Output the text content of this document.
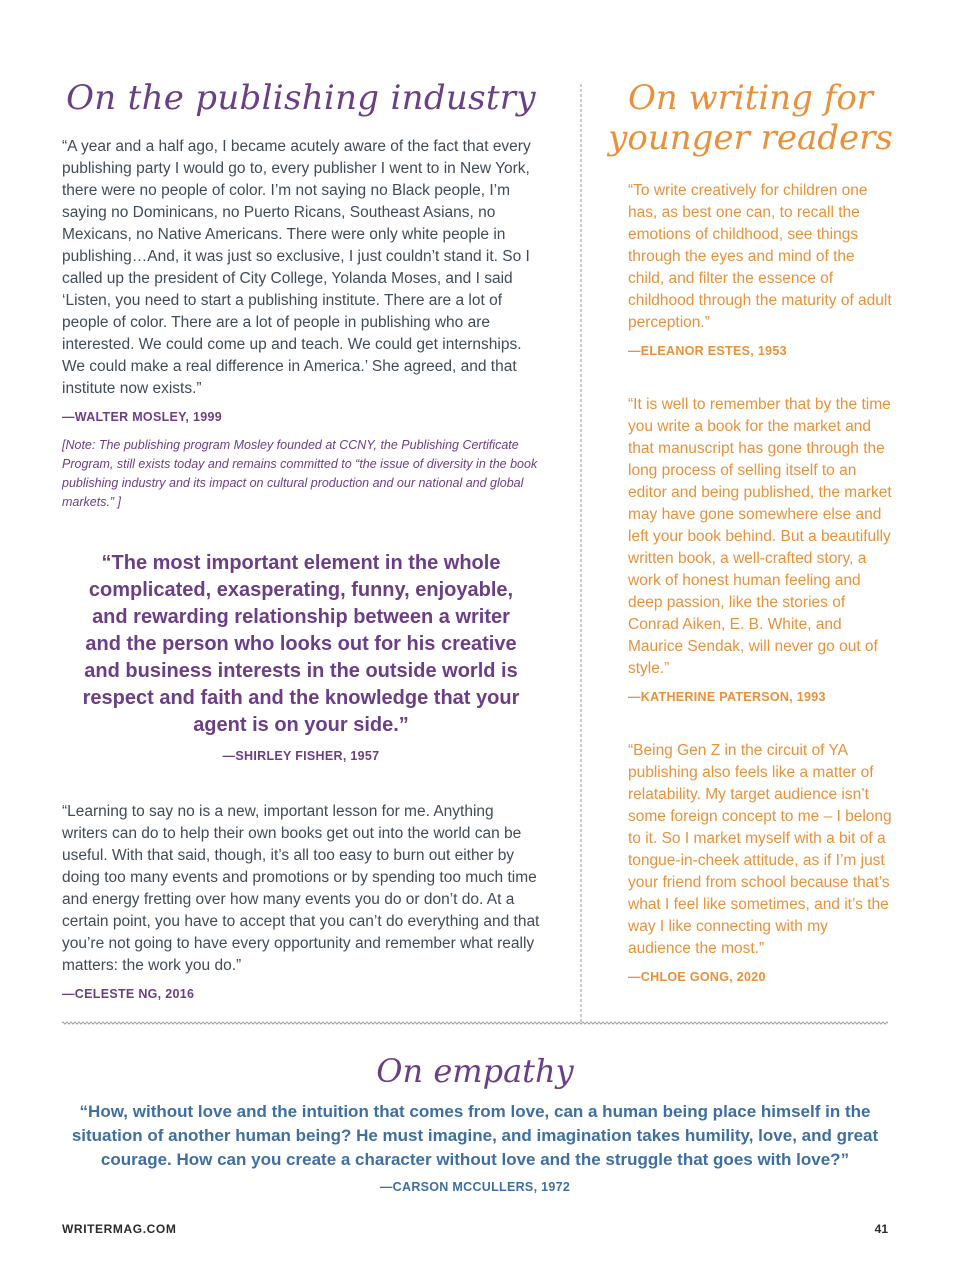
On the publishing industry

“A year and a half ago, I became acutely aware of the fact that every publishing party I would go to, every publisher I went to in New York, there were no people of color. I’m not saying no Black people, I’m saying no Dominicans, no Puerto Ricans, Southeast Asians, no Mexicans, no Native Americans. There were only white people in publishing…And, it was just so exclusive, I just couldn’t stand it. So I called up the president of City College, Yolanda Moses, and I said ‘Listen, you need to start a publishing institute. There are a lot of people of color. There are a lot of people in publishing who are interested. We could come up and teach. We could get internships. We could make a real difference in America.’ She agreed, and that institute now exists.”

—WALTER MOSLEY, 1999

[Note: The publishing program Mosley founded at CCNY, the Publishing Certificate Program, still exists today and remains committed to “the issue of diversity in the book publishing industry and its impact on cultural production and our national and global markets.” ]

“The most important element in the whole complicated, exasperating, funny, enjoyable, and rewarding relationship between a writer and the person who looks out for his creative and business interests in the outside world is respect and faith and the knowledge that your agent is on your side.”

—SHIRLEY FISHER, 1957

“Learning to say no is a new, important lesson for me. Anything writers can do to help their own books get out into the world can be useful. With that said, though, it’s all too easy to burn out either by doing too many events and promotions or by spending too much time and energy fretting over how many events you do or don’t do. At a certain point, you have to accept that you can’t do everything and that you’re not going to have every opportunity and remember what really matters: the work you do.”

—CELESTE NG, 2016

On writing for younger readers

“To write creatively for children one has, as best one can, to recall the emotions of childhood, see things through the eyes and mind of the child, and filter the essence of childhood through the maturity of adult perception.”

—ELEANOR ESTES, 1953

“It is well to remember that by the time you write a book for the market and that manuscript has gone through the long process of selling itself to an editor and being published, the market may have gone somewhere else and left your book behind. But a beautifully written book, a well-crafted story, a work of honest human feeling and deep passion, like the stories of Conrad Aiken, E. B. White, and Maurice Sendak, will never go out of style.”

—KATHERINE PATERSON, 1993

“Being Gen Z in the circuit of YA publishing also feels like a matter of relatability. My target audience isn’t some foreign concept to me – I belong to it. So I market myself with a bit of a tongue-in-cheek attitude, as if I’m just your friend from school because that’s what I feel like sometimes, and it’s the way I like connecting with my audience the most.”

—CHLOE GONG, 2020

On empathy

“How, without love and the intuition that comes from love, can a human being place himself in the situation of another human being? He must imagine, and imagination takes humility, love, and great courage. How can you create a character without love and the struggle that goes with love?”

—CARSON MCCULLERS, 1972

WRITERMAG.COM	41
